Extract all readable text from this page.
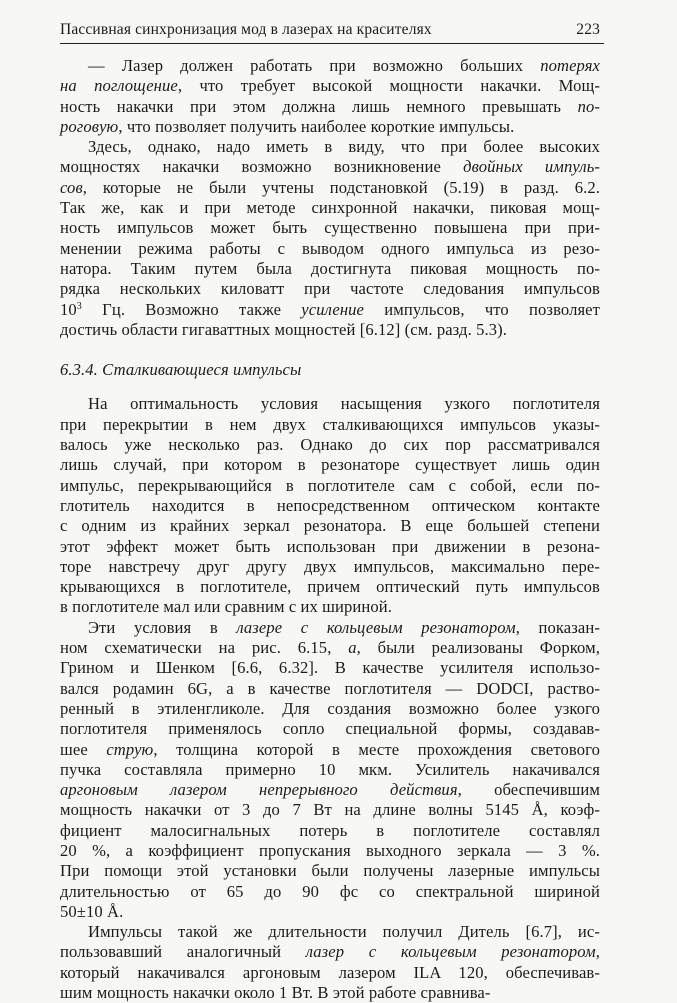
Пассивная синхронизация мод в лазерах на красителях	223
— Лазер должен работать при возможно больших потерях
на поглощение, что требует высокой мощности накачки. Мощ-
ность накачки при этом должна лишь немного превышать по-
роговую, что позволяет получить наиболее короткие импульсы.
Здесь, однако, надо иметь в виду, что при более высоких
мощностях накачки возможно возникновение двойных импуль-
сов, которые не были учтены подстановкой (5.19) в разд. 6.2.
Так же, как и при методе синхронной накачки, пиковая мощ-
ность импульсов может быть существенно повышена при при-
менении режима работы с выводом одного импульса из резо-
натора. Таким путем была достигнута пиковая мощность по-
рядка нескольких киловатт при частоте следования импульсов
$10^3$ Гц. Возможно также усиление импульсов, что позволяет
достичь области гигаваттных мощностей [6.12] (см. разд. 5.3).
6.3.4. Сталкивающиеся импульсы
На оптимальность условия насыщения узкого поглотителя
при перекрытии в нем двух сталкивающихся импульсов указы-
валось уже несколько раз. Однако до сих пор рассматривался
лишь случай, при котором в резонаторе существует лишь один
импульс, перекрывающийся в поглотителе сам с собой, если по-
глотитель находится в непосредственном оптическом контакте
с одним из крайних зеркал резонатора. В еще большей степени
этот эффект может быть использован при движении в резона-
торе навстречу друг другу двух импульсов, максимально пере-
крывающихся в поглотителе, причем оптический путь импульсов
в поглотителе мал или сравним с их шириной.
Эти условия в лазере с кольцевым резонатором, показан-
ном схематически на рис. 6.15, а, были реализованы Форком,
Грином и Шенком [6.6, 6.32]. В качестве усилителя использо-
вался родамин 6G, а в качестве поглотителя — DODCI, раство-
ренный в этиленгликоле. Для создания возможно более узкого
поглотителя применялось сопло специальной формы, создавав-
шее струю, толщина которой в месте прохождения светового
пучка составляла примерно 10 мкм. Усилитель накачивался
аргоновым лазером непрерывного действия, обеспечившим
мощность накачки от 3 до 7 Вт на длине волны 5145 Å, коэф-
фициент малосигнальных потерь в поглотителе составлял
20 %, а коэффициент пропускания выходного зеркала — 3 %.
При помощи этой установки были получены лазерные импульсы
длительностью от 65 до 90 фс со спектральной шириной
50±10 Å.
Импульсы такой же длительности получил Дитель [6.7], ис-
пользовавший аналогичный лазер с кольцевым резонатором,
который накачивался аргоновым лазером ILA 120, обеспечивав-
шим мощность накачки около 1 Вт. В этой работе сравнива-
